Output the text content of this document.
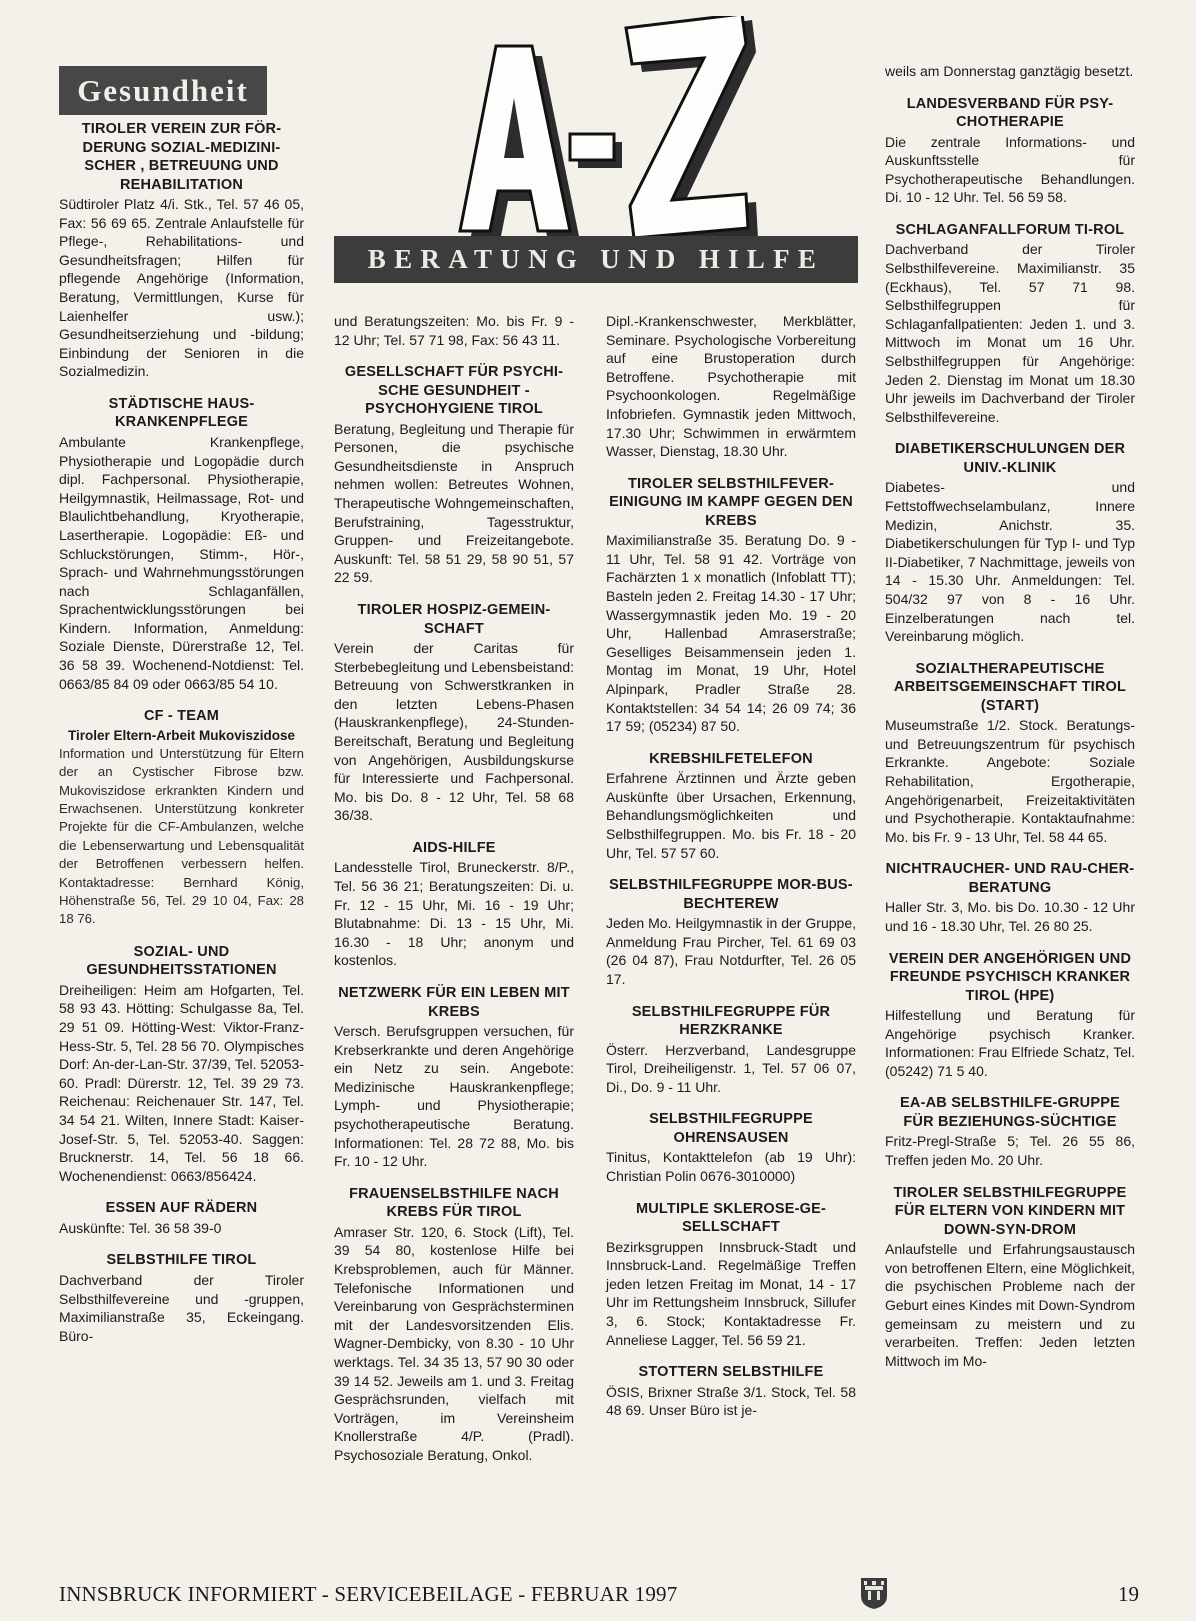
Gesundheit
BERATUNG UND HILFE
TIROLER VEREIN ZUR FÖR-DERUNG SOZIAL-MEDIZINI-SCHER , BETREUUNG UND REHABILITATION

Südtiroler Platz 4/i. Stk., Tel. 57 46 05, Fax: 56 69 65. Zentrale Anlaufstelle für Pflege-, Rehabilitations- und Gesundheitsfragen; Hilfen für pflegende Angehörige (Information, Beratung, Vermittlungen, Kurse für Laienhelfer usw.); Gesundheitserziehung und -bildung; Einbindung der Senioren in die Sozialmedizin.

STÄDTISCHE HAUS-KRANKENPFLEGE

Ambulante Krankenpflege, Physiotherapie und Logopädie durch dipl. Fachpersonal. Physiotherapie, Heilgymnastik, Heilmassage, Rot- und Blaulichtbehandlung, Kryotherapie, Lasertherapie. Logopädie: Eß- und Schluckstörungen, Stimm-, Hör-, Sprach- und Wahrnehmungsstörungen nach Schlaganfällen, Sprachentwicklungsstörungen bei Kindern. Information, Anmeldung: Soziale Dienste, Dürerstraße 12, Tel. 36 58 39. Wochenend-Notdienst: Tel. 0663/85 84 09 oder 0663/85 54 10.

CF - TEAM
Tiroler Eltern-Arbeit Mukoviszidose

Information und Unterstützung für Eltern der an Cystischer Fibrose bzw. Mukoviszidose erkrankten Kindern und Erwachsenen. Unterstützung konkreter Projekte für die CF-Ambulanzen, welche die Lebenserwartung und Lebensqualität der Betroffenen verbessern helfen. Kontaktadresse: Bernhard König, Höhenstraße 56, Tel. 29 10 04, Fax: 28 18 76.

SOZIAL- UND GESUNDHEITSSTATIONEN

Dreiheiligen: Heim am Hofgarten, Tel. 58 93 43. Hötting: Schulgasse 8a, Tel. 29 51 09. Hötting-West: Viktor-Franz-Hess-Str. 5, Tel. 28 56 70. Olympisches Dorf: An-der-Lan-Str. 37/39, Tel. 52053-60. Pradl: Dürerstr. 12, Tel. 39 29 73. Reichenau: Reichenauer Str. 147, Tel. 34 54 21. Wilten, Innere Stadt: Kaiser-Josef-Str. 5, Tel. 52053-40. Saggen: Brucknerstr. 14, Tel. 56 18 66. Wochenendienst: 0663/856424.

ESSEN AUF RÄDERN

Auskünfte: Tel. 36 58 39-0

SELBSTHILFE TIROL

Dachverband der Tiroler Selbsthilfevereine und -gruppen, Maximilianstraße 35, Eckeingang. Büro-

und Beratungszeiten: Mo. bis Fr. 9 - 12 Uhr; Tel. 57 71 98, Fax: 56 43 11.

GESELLSCHAFT FÜR PSYCHI-SCHE GESUNDHEIT - PSYCHOHYGIENE TIROL

Beratung, Begleitung und Therapie für Personen, die psychische Gesundheitsdienste in Anspruch nehmen wollen: Betreutes Wohnen, Therapeutische Wohngemeinschaften, Berufstraining, Tagesstruktur, Gruppen- und Freizeitangebote. Auskunft: Tel. 58 51 29, 58 90 51, 57 22 59.

TIROLER HOSPIZ-GEMEIN-SCHAFT

Verein der Caritas für Sterbebegleitung und Lebensbeistand: Betreuung von Schwerstkranken in den letzten Lebens-Phasen (Hauskrankenpflege), 24-Stunden-Bereitschaft, Beratung und Begleitung von Angehörigen, Ausbildungskurse für Interessierte und Fachpersonal. Mo. bis Do. 8 - 12 Uhr, Tel. 58 68 36/38.

AIDS-HILFE

Landesstelle Tirol, Bruneckerstr. 8/P., Tel. 56 36 21; Beratungszeiten: Di. u. Fr. 12 - 15 Uhr, Mi. 16 - 19 Uhr; Blutabnahme: Di. 13 - 15 Uhr, Mi. 16.30 - 18 Uhr; anonym und kostenlos.

NETZWERK FÜR EIN LEBEN MIT KREBS

Versch. Berufsgruppen versuchen, für Krebserkrankte und deren Angehörige ein Netz zu sein. Angebote: Medizinische Hauskrankenpflege; Lymph- und Physiotherapie; psychotherapeutische Beratung. Informationen: Tel. 28 72 88, Mo. bis Fr. 10 - 12 Uhr.

FRAUENSELBSTHILFE NACH KREBS FÜR TIROL

Amraser Str. 120, 6. Stock (Lift), Tel. 39 54 80, kostenlose Hilfe bei Krebsproblemen, auch für Männer. Telefonische Informationen und Vereinbarung von Gesprächsterminen mit der Landesvorsitzenden Elis. Wagner-Dembicky, von 8.30 - 10 Uhr werktags. Tel. 34 35 13, 57 90 30 oder 39 14 52. Jeweils am 1. und 3. Freitag Gesprächsrunden, vielfach mit Vorträgen, im Vereinsheim Knollerstraße 4/P. (Pradl). Psychosoziale Beratung, Onkol.

Dipl.-Krankenschwester, Merkblätter, Seminare. Psychologische Vorbereitung auf eine Brustoperation durch Betroffene. Psychotherapie mit Psychoonkologen. Regelmäßige Infobriefen. Gymnastik jeden Mittwoch, 17.30 Uhr; Schwimmen in erwärmtem Wasser, Dienstag, 18.30 Uhr.

TIROLER SELBSTHILFEVER-EINIGUNG IM KAMPF GEGEN DEN KREBS

Maximilianstraße 35. Beratung Do. 9 - 11 Uhr, Tel. 58 91 42. Vorträge von Fachärzten 1 x monatlich (Infoblatt TT); Basteln jeden 2. Freitag 14.30 - 17 Uhr; Wassergymnastik jeden Mo. 19 - 20 Uhr, Hallenbad Amraserstraße; Geselliges Beisammensein jeden 1. Montag im Monat, 19 Uhr, Hotel Alpinpark, Pradler Straße 28. Kontaktstellen: 34 54 14; 26 09 74; 36 17 59; (05234) 87 50.

KREBSHILFETELEFON

Erfahrene Ärztinnen und Ärzte geben Auskünfte über Ursachen, Erkennung, Behandlungsmöglichkeiten und Selbsthilfegruppen. Mo. bis Fr. 18 - 20 Uhr, Tel. 57 57 60.

SELBSTHILFEGRUPPE MOR-BUS-BECHTEREW

Jeden Mo. Heilgymnastik in der Gruppe, Anmeldung Frau Pircher, Tel. 61 69 03 (26 04 87), Frau Notdurfter, Tel. 26 05 17.

SELBSTHILFEGRUPPE FÜR HERZKRANKE

Österr. Herzverband, Landesgruppe Tirol, Dreiheiligenstr. 1, Tel. 57 06 07, Di., Do. 9 - 11 Uhr.

SELBSTHILFEGRUPPE OHRENSAUSEN

Tinitus, Kontakttelefon (ab 19 Uhr): Christian Polin 0676-3010000)

MULTIPLE SKLEROSE-GE-SELLSCHAFT

Bezirksgruppen Innsbruck-Stadt und Innsbruck-Land. Regelmäßige Treffen jeden letzen Freitag im Monat, 14 - 17 Uhr im Rettungsheim Innsbruck, Sillufer 3, 6. Stock; Kontaktadresse Fr. Anneliese Lagger, Tel. 56 59 21.

STOTTERN SELBSTHILFE

ÖSIS, Brixner Straße 3/1. Stock, Tel. 58 48 69. Unser Büro ist je-

weils am Donnerstag ganztägig besetzt.

LANDESVERBAND FÜR PSY-CHOTHERAPIE

Die zentrale Informations- und Auskunftsstelle für Psychotherapeutische Behandlungen. Di. 10 - 12 Uhr. Tel. 56 59 58.

SCHLAGANFALLFORUM TI-ROL

Dachverband der Tiroler Selbsthilfevereine. Maximilianstr. 35 (Eckhaus), Tel. 57 71 98. Selbsthilfegruppen für Schlaganfallpatienten: Jeden 1. und 3. Mittwoch im Monat um 16 Uhr. Selbsthilfegruppen für Angehörige: Jeden 2. Dienstag im Monat um 18.30 Uhr jeweils im Dachverband der Tiroler Selbsthilfevereine.

DIABETIKERSCHULUNGEN DER UNIV.-KLINIK

Diabetes- und Fettstoffwechselambulanz, Innere Medizin, Anichstr. 35. Diabetikerschulungen für Typ I- und Typ II-Diabetiker, 7 Nachmittage, jeweils von 14 - 15.30 Uhr. Anmeldungen: Tel. 504/32 97 von 8 - 16 Uhr. Einzelberatungen nach tel. Vereinbarung möglich.

SOZIALTHERAPEUTISCHE ARBEITSGEMEINSCHAFT TIROL (START)

Museumstraße 1/2. Stock. Beratungs- und Betreuungszentrum für psychisch Erkrankte. Angebote: Soziale Rehabilitation, Ergotherapie, Angehörigenarbeit, Freizeitaktivitäten und Psychotherapie. Kontaktaufnahme: Mo. bis Fr. 9 - 13 Uhr, Tel. 58 44 65.

NICHTRAUCHER- UND RAU-CHER-BERATUNG

Haller Str. 3, Mo. bis Do. 10.30 - 12 Uhr und 16 - 18.30 Uhr, Tel. 26 80 25.

VEREIN DER ANGEHÖRIGEN UND FREUNDE PSYCHISCH KRANKER TIROL (HPE)

Hilfestellung und Beratung für Angehörige psychisch Kranker. Informationen: Frau Elfriede Schatz, Tel. (05242) 71 5 40.

EA-AB SELBSTHILFE-GRUPPE FÜR BEZIEHUNGS-SÜCHTIGE

Fritz-Pregl-Straße 5; Tel. 26 55 86, Treffen jeden Mo. 20 Uhr.

TIROLER SELBSTHILFEGRUPPE FÜR ELTERN VON KINDERN MIT DOWN-SYN-DROM

Anlaufstelle und Erfahrungsaustausch von betroffenen Eltern, eine Möglichkeit, die psychischen Probleme nach der Geburt eines Kindes mit Down-Syndrom gemeinsam zu meistern und zu verarbeiten. Treffen: Jeden letzten Mittwoch im Mo-

INNSBRUCK INFORMIERT - SERVICEBEILAGE - FEBRUAR 1997	19
